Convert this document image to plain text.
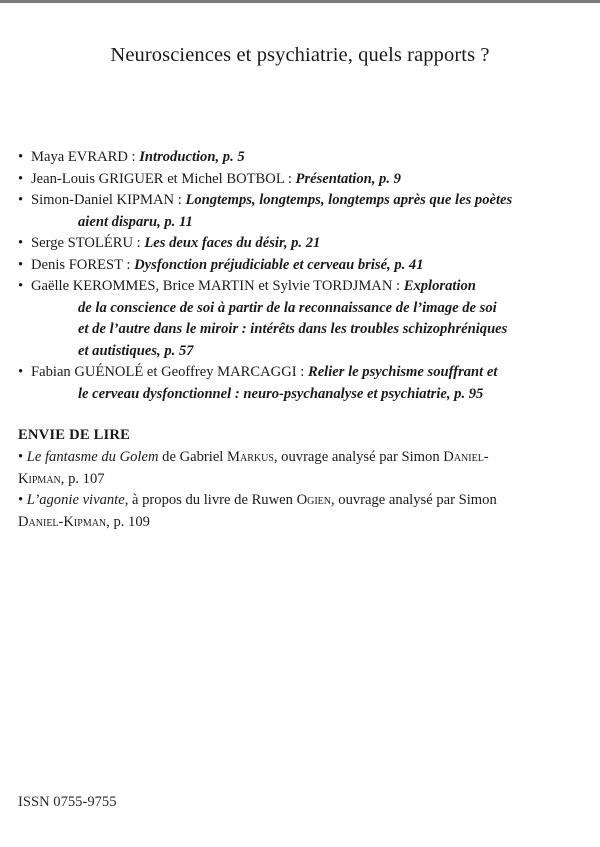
Neurosciences et psychiatrie, quels rapports ?
• Maya EVRARD : Introduction, p. 5
• Jean-Louis GRIGUER et Michel BOTBOL : Présentation, p. 9
• Simon-Daniel KIPMAN : Longtemps, longtemps, longtemps après que les poètes
aient disparu, p. 11
• Serge STOLÉRU : Les deux faces du désir, p. 21
• Denis FOREST : Dysfonction préjudiciable et cerveau brisé, p. 41
• Gaëlle KEROMMES, Brice MARTIN et Sylvie TORDJMAN : Exploration
de la conscience de soi à partir de la reconnaissance de l’image de soi
et de l’autre dans le miroir : intérêts dans les troubles schizophréniques
et autistiques, p. 57
• Fabian GUÉNOLÉ et Geoffrey MARCAGGI : Relier le psychisme souffrant et
le cerveau dysfonctionnel : neuro-psychanalyse et psychiatrie, p. 95
ENVIE DE LIRE
• Le fantasme du Golem de Gabriel Markus, ouvrage analysé par Simon Daniel-
Kipman, p. 107
• L’agonie vivante, à propos du livre de Ruwen Ogien, ouvrage analysé par Simon
Daniel-Kipman, p. 109
ISSN 0755-9755
